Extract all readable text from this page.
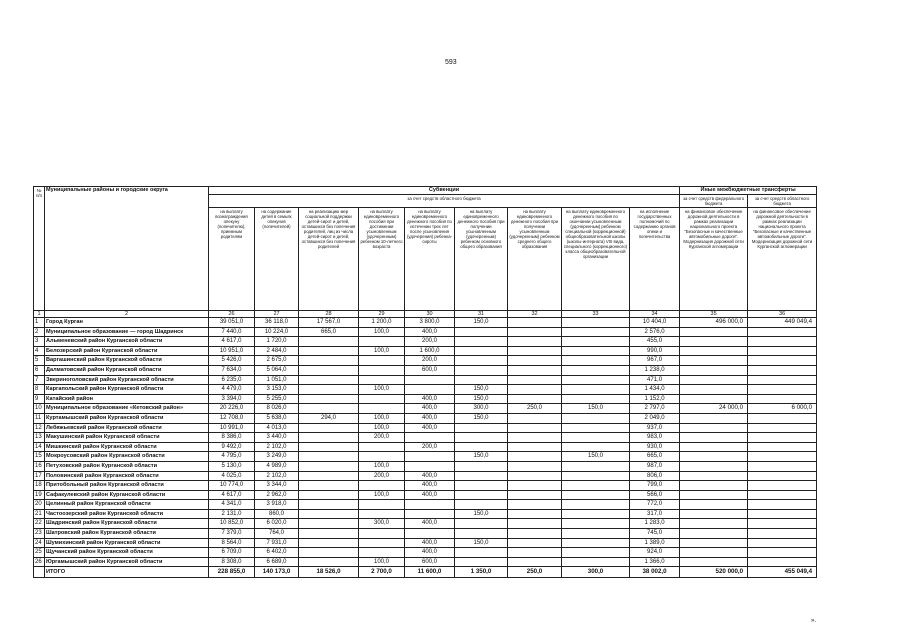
593
№ п/п	Муниципальные районы и городские округа	Субвенции									Иные межбюджетные трансферты	
		за счет средств областного бюджета									за счет средств федерального бюджета	за счет средств областного бюджета
		на выплату вознаграждения опекуну (попечителю), приемным родителям	на содержание детей в семьях опекунов (попечителей)	на реализацию мер социальной поддержки детей-сирот и детей, оставшихся без попечения родителей, лиц из числа детей-сирот и детей, оставшихся без попечения родителей	на выплату единовременного пособия при достижении усыновленным (удочеренным) ребенком 10-летнего возраста	на выплату единовременного денежного пособия по истечении трех лет после усыновления (удочерения) ребенка-сироты	на выплату единовременного денежного пособия при получении усыновленным (удочеренным) ребенком основного общего образования	на выплату единовременного денежного пособия при получении усыновленным (удочеренным) ребенком среднего общего образования	на выплату единовременного денежного пособия по окончании усыновленным (удочеренным) ребенком специальной (коррекционной) общеобразовательной школы (школы-интерната) VIII вида, специального (коррекционного) класса общеобразовательной организации	на исполнение государственных полномочий по содержанию органов опеки и попечительства	на финансовое обеспечение дорожной деятельности в рамках реализации национального проекта "Безопасные и качественные автомобильные дороги". Модернизация дорожной сети Курганской агломерации	на финансовое обеспечение дорожной деятельности в рамках реализации национального проекта "Безопасные и качественные автомобильные дороги". Модернизация дорожной сети Курганской агломерации
1	2	26	27	28	29	30	31	32	33	34	35	36
1	Город Курган	39 051,0	36 118,0	17 567,0	1 200,0	3 800,0	150,0			10 404,0	496 000,0	449 049,4
2	Муниципальное образование — город Шадринск	7 440,0	10 224,0	665,0	100,0	400,0				2 576,0		
3	Альменевский район Курганской области	4 617,0	1 720,0			200,0				455,0		
4	Белозерский район Курганской области	10 951,0	2 484,0		100,0	1 600,0				990,0		
5	Варгашинский район Курганской области	5 426,0	2 675,0			200,0				967,0		
6	Далматовский район Курганской области	7 634,0	5 064,0			600,0				1 238,0		
7	Звериноголовский район Курганской области	6 235,0	1 051,0							471,0		
8	Каргапольский район Курганской области	4 479,0	3 153,0		100,0		150,0			1 434,0		
9	Катайский район	3 394,0	5 255,0			400,0	150,0			1 152,0		
10	Муниципальное образование «Кетовский район»	20 226,0	8 026,0			400,0	300,0	250,0	150,0	2 797,0	24 000,0	6 000,0
11	Куртамышский район Курганской области	12 708,0	5 638,0	294,0	100,0	400,0	150,0			2 049,0		
12	Лебяжьевский район Курганской области	10 991,0	4 013,0		100,0	400,0				937,0		
13	Макушинский район Курганской области	8 386,0	3 440,0		200,0					983,0		
14	Мишкинский район Курганской области	9 492,0	2 102,0			200,0				930,0		
15	Мокроусовский район Курганской области	4 795,0	3 249,0				150,0		150,0	665,0		
16	Петуховский район Курганской области	5 130,0	4 989,0		100,0					987,0		
17	Половинский район Курганской области	4 025,0	2 102,0		200,0	400,0				806,0		
18	Притобольный район Курганской области	10 774,0	3 344,0			400,0				799,0		
19	Сафакулевский район Курганской области	4 617,0	2 962,0		100,0	400,0				566,0		
20	Целинный район Курганской области	4 341,0	3 918,0							772,0		
21	Частоозерский район Курганской области	2 131,0	860,0				150,0			317,0		
22	Шадринский район Курганской области	10 852,0	6 020,0		300,0	400,0				1 283,0		
23	Шатровский район Курганской области	7 379,0	764,0							745,0		
24	Шумихинский район Курганской области	8 564,0	7 931,0			400,0	150,0			1 389,0		
25	Щучанский район Курганской области	6 709,0	6 402,0			400,0				924,0		
26	Юргамышский район Курганской области	8 308,0	6 689,0		100,0	600,0				1 366,0		
	ИТОГО	228 855,0	140 173,0	18 526,0	2 700,0	11 600,0	1 350,0	250,0	300,0	38 002,0	520 000,0	455 049,4
».
